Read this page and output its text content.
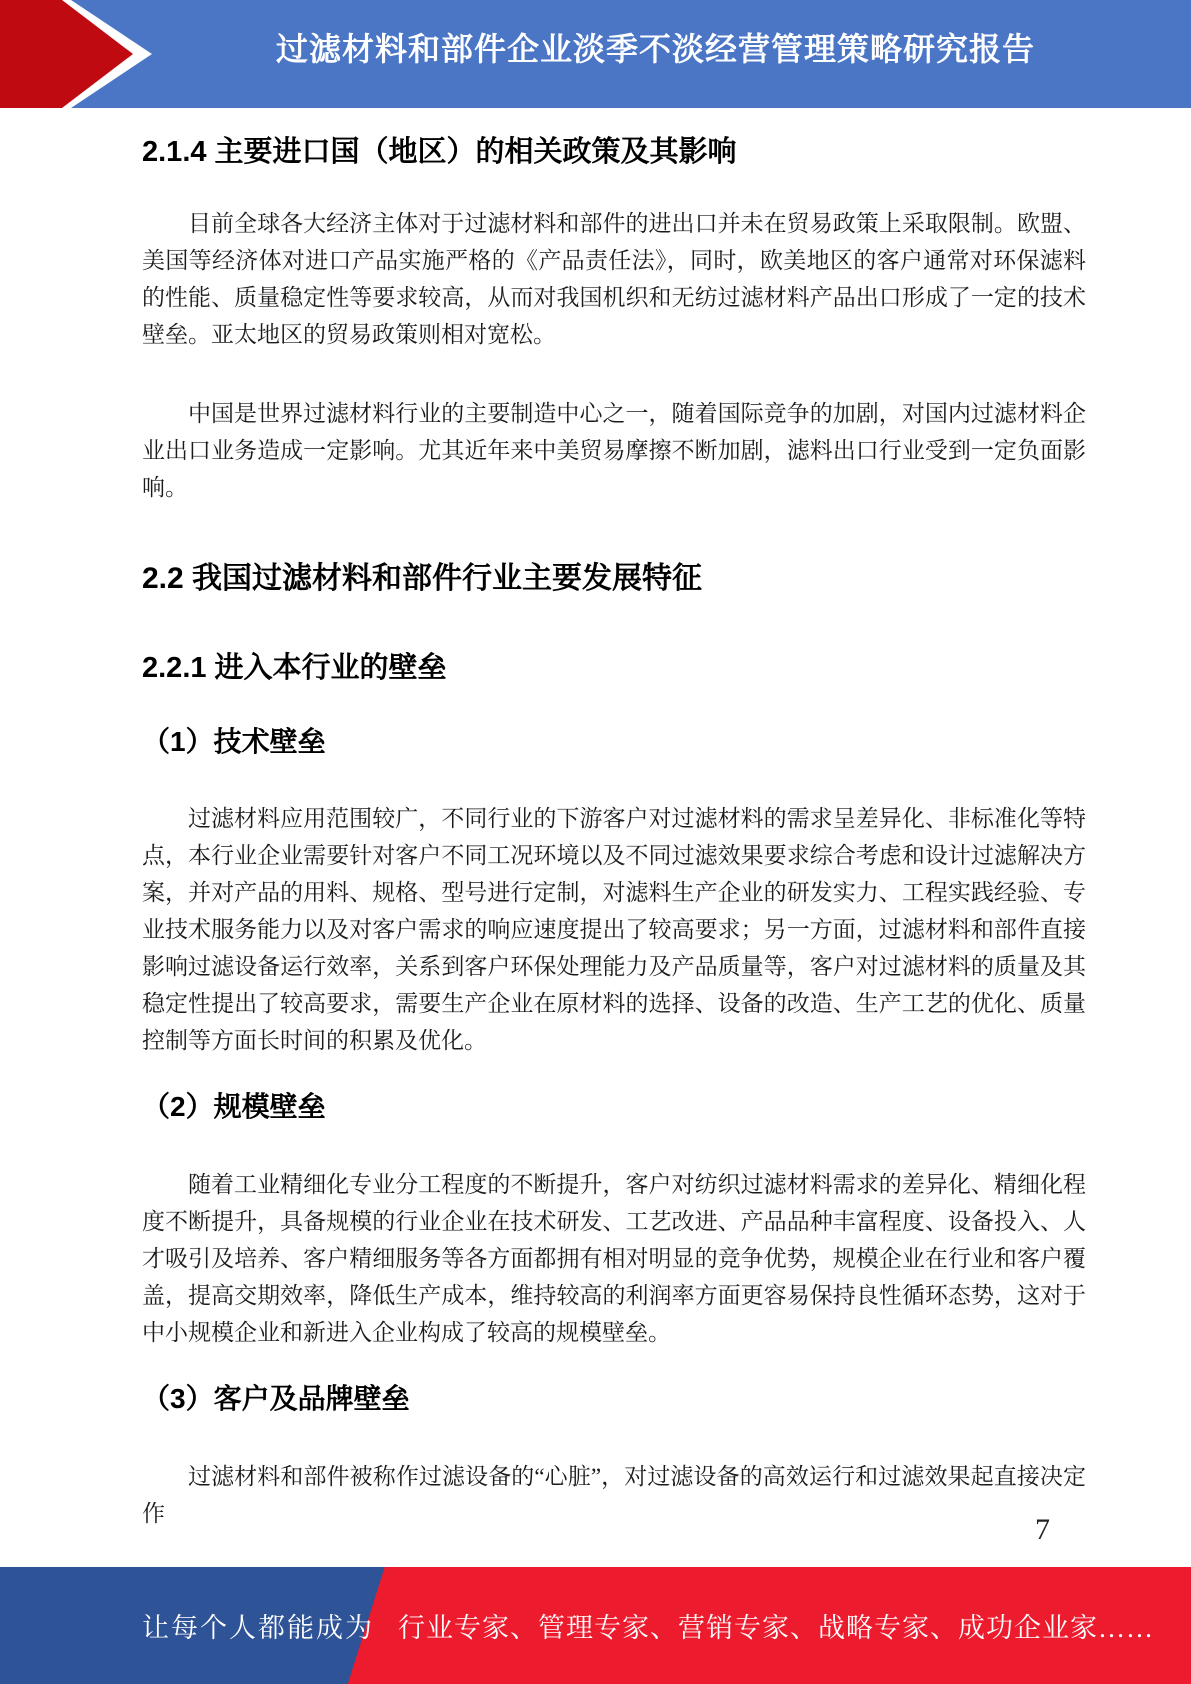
过滤材料和部件企业淡季不淡经营管理策略研究报告
2.1.4 主要进口国（地区）的相关政策及其影响

目前全球各大经济主体对于过滤材料和部件的进出口并未在贸易政策上采取限制。欧盟、美国等经济体对进口产品实施严格的《产品责任法》，同时，欧美地区的客户通常对环保滤料的性能、质量稳定性等要求较高，从而对我国机织和无纺过滤材料产品出口形成了一定的技术壁垒。亚太地区的贸易政策则相对宽松。

中国是世界过滤材料行业的主要制造中心之一，随着国际竞争的加剧，对国内过滤材料企业出口业务造成一定影响。尤其近年来中美贸易摩擦不断加剧，滤料出口行业受到一定负面影响。

2.2 我国过滤材料和部件行业主要发展特征
2.2.1 进入本行业的壁垒
（1）技术壁垒

过滤材料应用范围较广，不同行业的下游客户对过滤材料的需求呈差异化、非标准化等特点，本行业企业需要针对客户不同工况环境以及不同过滤效果要求综合考虑和设计过滤解决方案，并对产品的用料、规格、型号进行定制，对滤料生产企业的研发实力、工程实践经验、专业技术服务能力以及对客户需求的响应速度提出了较高要求；另一方面，过滤材料和部件直接影响过滤设备运行效率，关系到客户环保处理能力及产品质量等，客户对过滤材料的质量及其稳定性提出了较高要求，需要生产企业在原材料的选择、设备的改造、生产工艺的优化、质量控制等方面长时间的积累及优化。

（2）规模壁垒

随着工业精细化专业分工程度的不断提升，客户对纺织过滤材料需求的差异化、精细化程度不断提升，具备规模的行业企业在技术研发、工艺改进、产品品种丰富程度、设备投入、人才吸引及培养、客户精细服务等各方面都拥有相对明显的竞争优势，规模企业在行业和客户覆盖，提高交期效率，降低生产成本，维持较高的利润率方面更容易保持良性循环态势，这对于中小规模企业和新进入企业构成了较高的规模壁垒。

（3）客户及品牌壁垒

过滤材料和部件被称作过滤设备的“心脏”，对过滤设备的高效运行和过滤效果起直接决定作	7
让每个人都能成为 行业专家、管理专家、营销专家、战略专家、成功企业家……
